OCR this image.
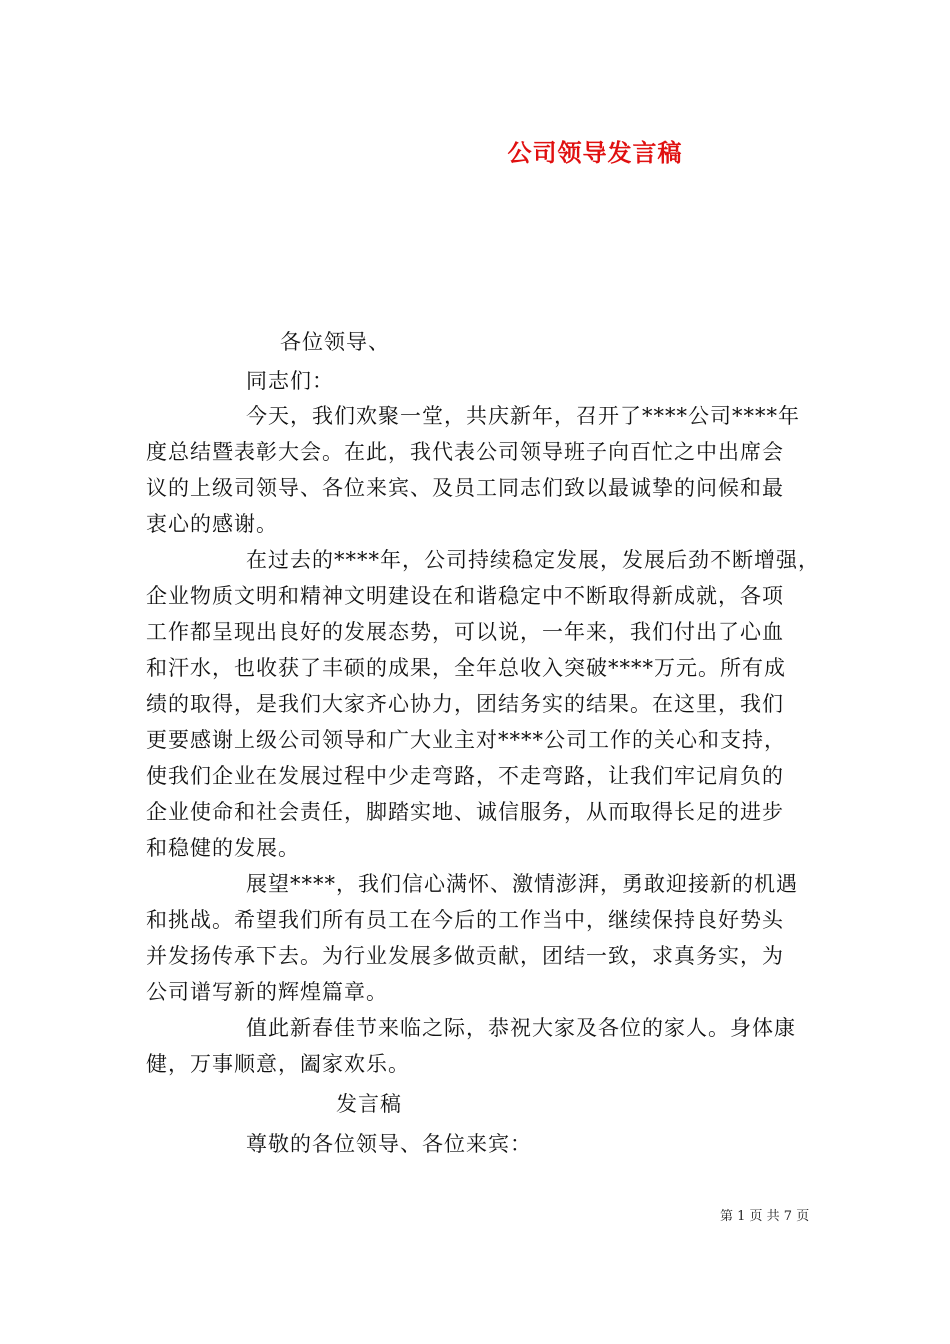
公司领导发言稿
各位领导、
同志们：
今天，我们欢聚一堂，共庆新年，召开了****公司****年
度总结暨表彰大会。在此，我代表公司领导班子向百忙之中出席会
议的上级司领导、各位来宾、及员工同志们致以最诚挚的问候和最
衷心的感谢。
在过去的****年，公司持续稳定发展，发展后劲不断增强，
企业物质文明和精神文明建设在和谐稳定中不断取得新成就，各项
工作都呈现出良好的发展态势，可以说，一年来，我们付出了心血
和汗水，也收获了丰硕的成果，全年总收入突破****万元。所有成
绩的取得，是我们大家齐心协力，团结务实的结果。在这里，我们
更要感谢上级公司领导和广大业主对****公司工作的关心和支持，
使我们企业在发展过程中少走弯路，不走弯路，让我们牢记肩负的
企业使命和社会责任，脚踏实地、诚信服务，从而取得长足的进步
和稳健的发展。
展望****，我们信心满怀、激情澎湃，勇敢迎接新的机遇
和挑战。希望我们所有员工在今后的工作当中，继续保持良好势头
并发扬传承下去。为行业发展多做贡献，团结一致，求真务实，为
公司谱写新的辉煌篇章。
值此新春佳节来临之际，恭祝大家及各位的家人。身体康
健，万事顺意，阖家欢乐。
发言稿
尊敬的各位领导、各位来宾：
第 1 页 共 7 页
